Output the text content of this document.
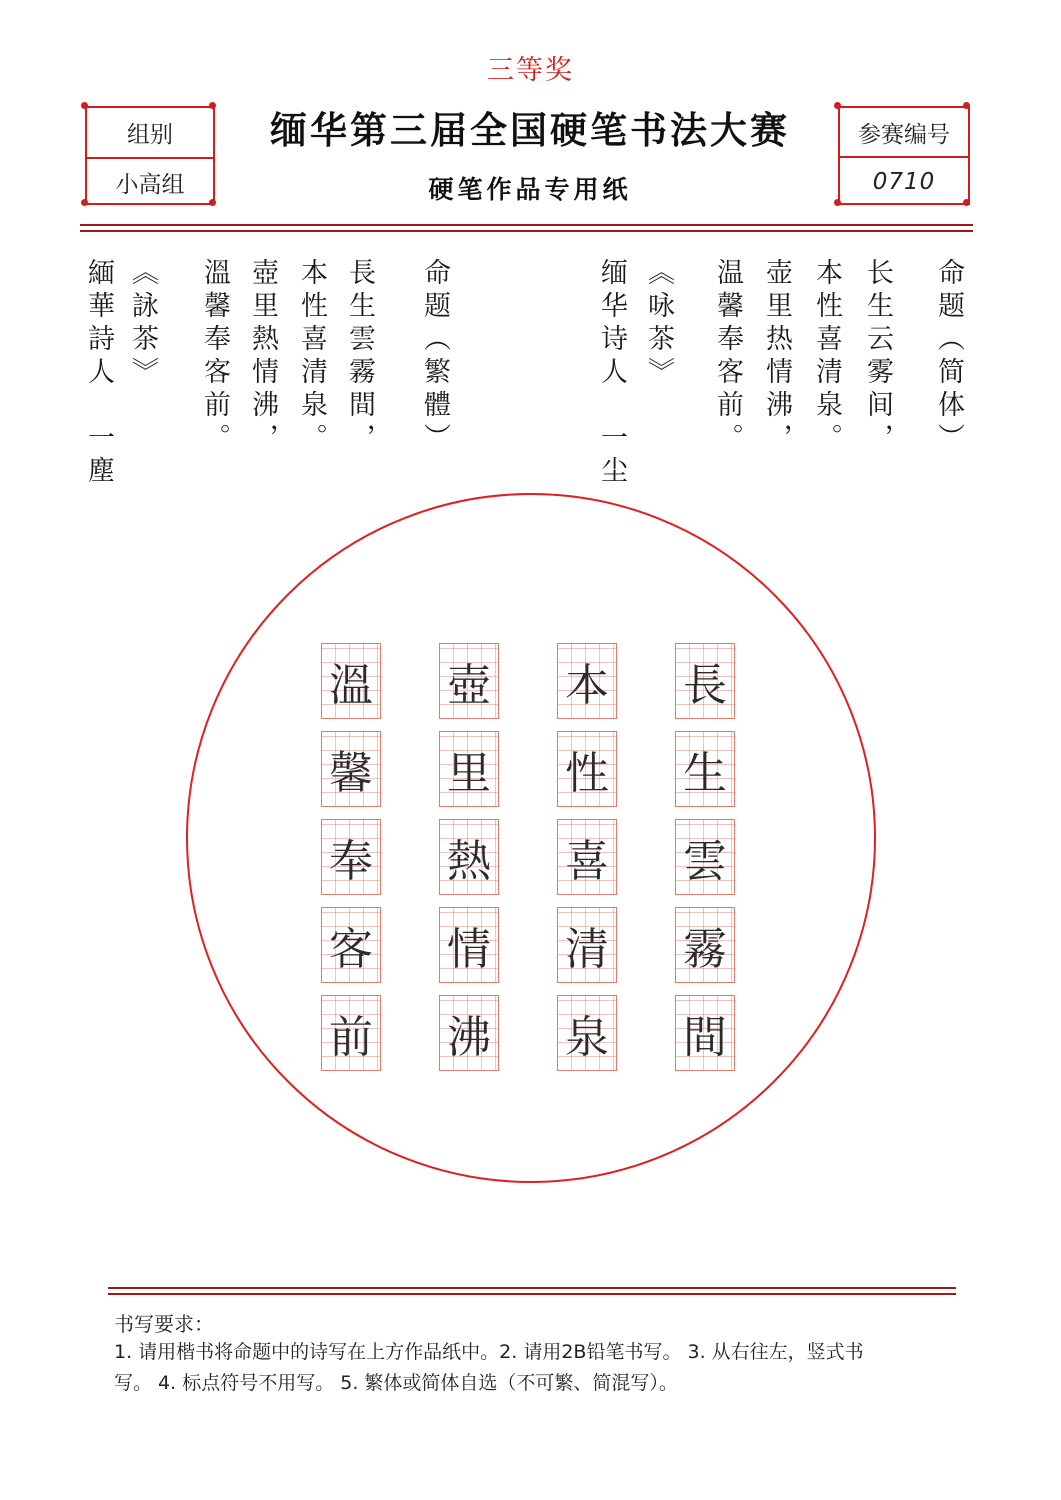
三等奖
组别
小高组
缅华第三届全国硬笔书法大赛
硬笔作品专用纸
参赛编号
0710
命题（简体）
长生云雾间，
本性喜清泉。
壶里热情沸，
温馨奉客前。
《咏茶》
缅华诗人　一尘
命题（繁體）
長生雲霧間，
本性喜清泉。
壺里熱情沸，
溫馨奉客前。
《詠茶》
緬華詩人　一塵
長
生
雲
霧
間
本
性
喜
清
泉
壺
里
熱
情
沸
溫
馨
奉
客
前
书写要求：
1. 请用楷书将命题中的诗写在上方作品纸中。2. 请用2B铅笔书写。 3. 从右往左，竖式书
写。 4. 标点符号不用写。 5. 繁体或简体自选（不可繁、简混写）。
